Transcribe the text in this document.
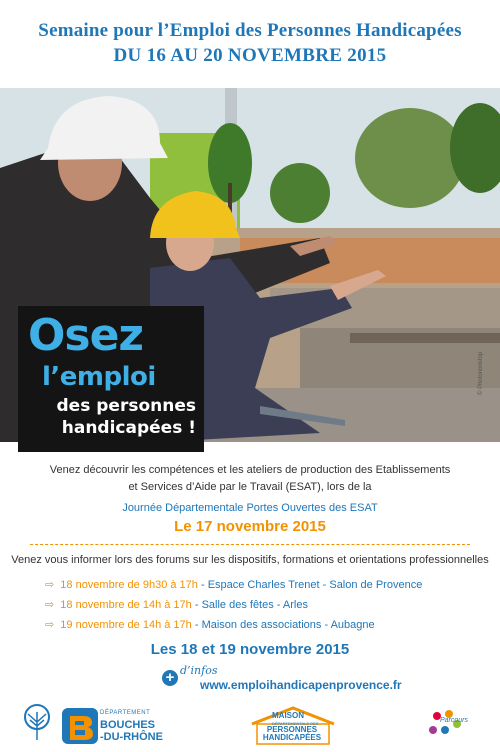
Semaine pour l’Emploi des Personnes Handicapées
DU 16 AU 20 NOVEMBRE 2015
Osez
l’emploi
des personnes
handicapées !
© Photononstop
Venez découvrir les compétences et les ateliers de production des Etablissements
et Services d’Aide par le Travail (ESAT), lors de la
Journée Départementale Portes Ouvertes des ESAT
Le 17 novembre 2015
Venez vous informer lors des forums sur les dispositifs, formations et orientations professionnelles
⇨ 18 novembre de 9h30 à 17h - Espace Charles Trenet - Salon de Provence
⇨ 18 novembre de 14h à 17h - Salle des fêtes - Arles
⇨ 19 novembre de 14h à 17h - Maison des associations - Aubagne
Les 18 et 19 novembre 2015
+ d’infos
www.emploihandicapenprovence.fr
DÉPARTEMENT
BOUCHES
-DU-RHÔNE
MAISON
DÉPARTEMENTALE DES
PERSONNES HANDICAPÉES
Parcours
